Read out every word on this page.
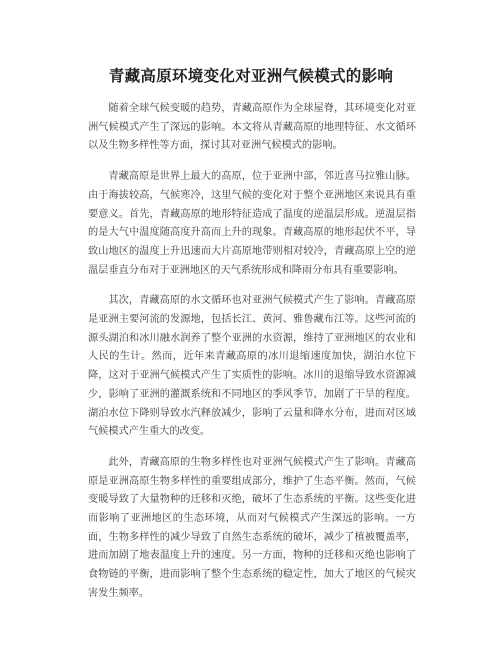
青藏高原环境变化对亚洲气候模式的影响

随着全球气候变暖的趋势，青藏高原作为全球屋脊，其环境变化对亚洲气候模式产生了深远的影响。本文将从青藏高原的地理特征、水文循环以及生物多样性等方面，探讨其对亚洲气候模式的影响。

青藏高原是世界上最大的高原，位于亚洲中部，邻近喜马拉雅山脉。由于海拔较高，气候寒冷，这里气候的变化对于整个亚洲地区来说具有重要意义。首先，青藏高原的地形特征造成了温度的逆温层形成。逆温层指的是大气中温度随高度升高而上升的现象。青藏高原的地形起伏不平，导致山地区的温度上升迅速而大片高原地带则相对较冷，青藏高原上空的逆温层垂直分布对于亚洲地区的天气系统形成和降雨分布具有重要影响。

其次，青藏高原的水文循环也对亚洲气候模式产生了影响。青藏高原是亚洲主要河流的发源地，包括长江、黄河、雅鲁藏布江等。这些河流的源头湖泊和冰川融水润养了整个亚洲的水资源，维持了亚洲地区的农业和人民的生计。然而，近年来青藏高原的冰川退缩速度加快，湖泊水位下降，这对于亚洲气候模式产生了实质性的影响。冰川的退缩导致水资源减少，影响了亚洲的灌溉系统和不同地区的季风季节，加剧了干旱的程度。湖泊水位下降则导致水汽释放减少，影响了云量和降水分布，进而对区域气候模式产生重大的改变。

此外，青藏高原的生物多样性也对亚洲气候模式产生了影响。青藏高原是亚洲高原生物多样性的重要组成部分，维护了生态平衡。然而，气候变暖导致了大量物种的迁移和灭绝，破坏了生态系统的平衡。这些变化进而影响了亚洲地区的生态环境，从而对气候模式产生深远的影响。一方面，生物多样性的减少导致了自然生态系统的破坏，减少了植被覆盖率，进而加剧了地表温度上升的速度。另一方面，物种的迁移和灭绝也影响了食物链的平衡，进而影响了整个生态系统的稳定性，加大了地区的气候灾害发生频率。
